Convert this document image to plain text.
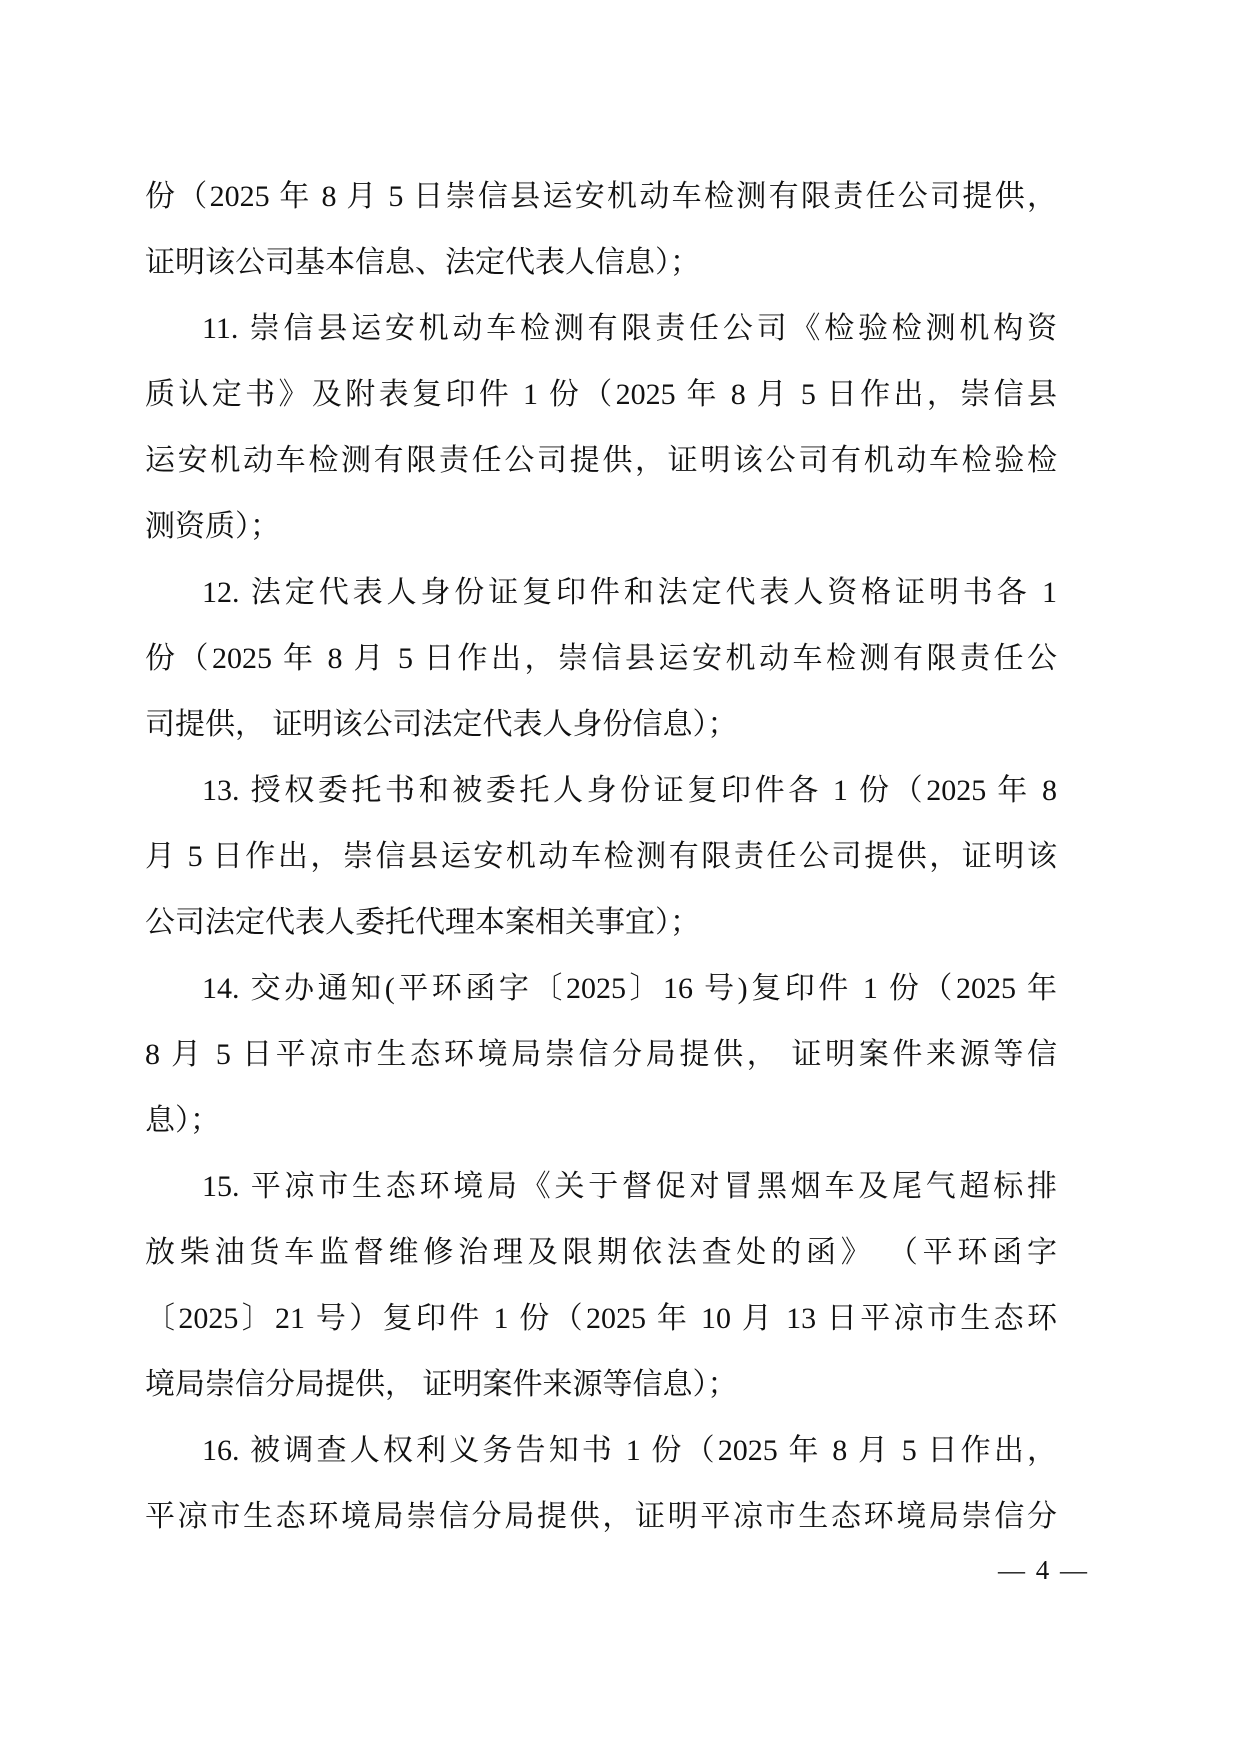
份（2025 年 8 月 5 日崇信县运安机动车检测有限责任公司提供，
证明该公司基本信息、法定代表人信息）；
11. 崇信县运安机动车检测有限责任公司《检验检测机构资
质认定书》及附表复印件 1 份（2025 年 8 月 5 日作出，崇信县
运安机动车检测有限责任公司提供，证明该公司有机动车检验检
测资质）；
12. 法定代表人身份证复印件和法定代表人资格证明书各 1
份（2025 年 8 月 5 日作出，崇信县运安机动车检测有限责任公
司提供， 证明该公司法定代表人身份信息）；
13. 授权委托书和被委托人身份证复印件各 1 份（2025 年 8
月 5 日作出，崇信县运安机动车检测有限责任公司提供，证明该
公司法定代表人委托代理本案相关事宜）；
14. 交办通知(平环函字〔2025〕16 号)复印件 1 份（2025 年
8 月 5 日平凉市生态环境局崇信分局提供， 证明案件来源等信
息）；
15. 平凉市生态环境局《关于督促对冒黑烟车及尾气超标排
放柴油货车监督维修治理及限期依法查处的函》 （平环函字
〔2025〕21 号）复印件 1 份（2025 年 10 月 13 日平凉市生态环
境局崇信分局提供， 证明案件来源等信息）；
16. 被调查人权利义务告知书 1 份（2025 年 8 月 5 日作出，
平凉市生态环境局崇信分局提供，证明平凉市生态环境局崇信分
— 4 —
